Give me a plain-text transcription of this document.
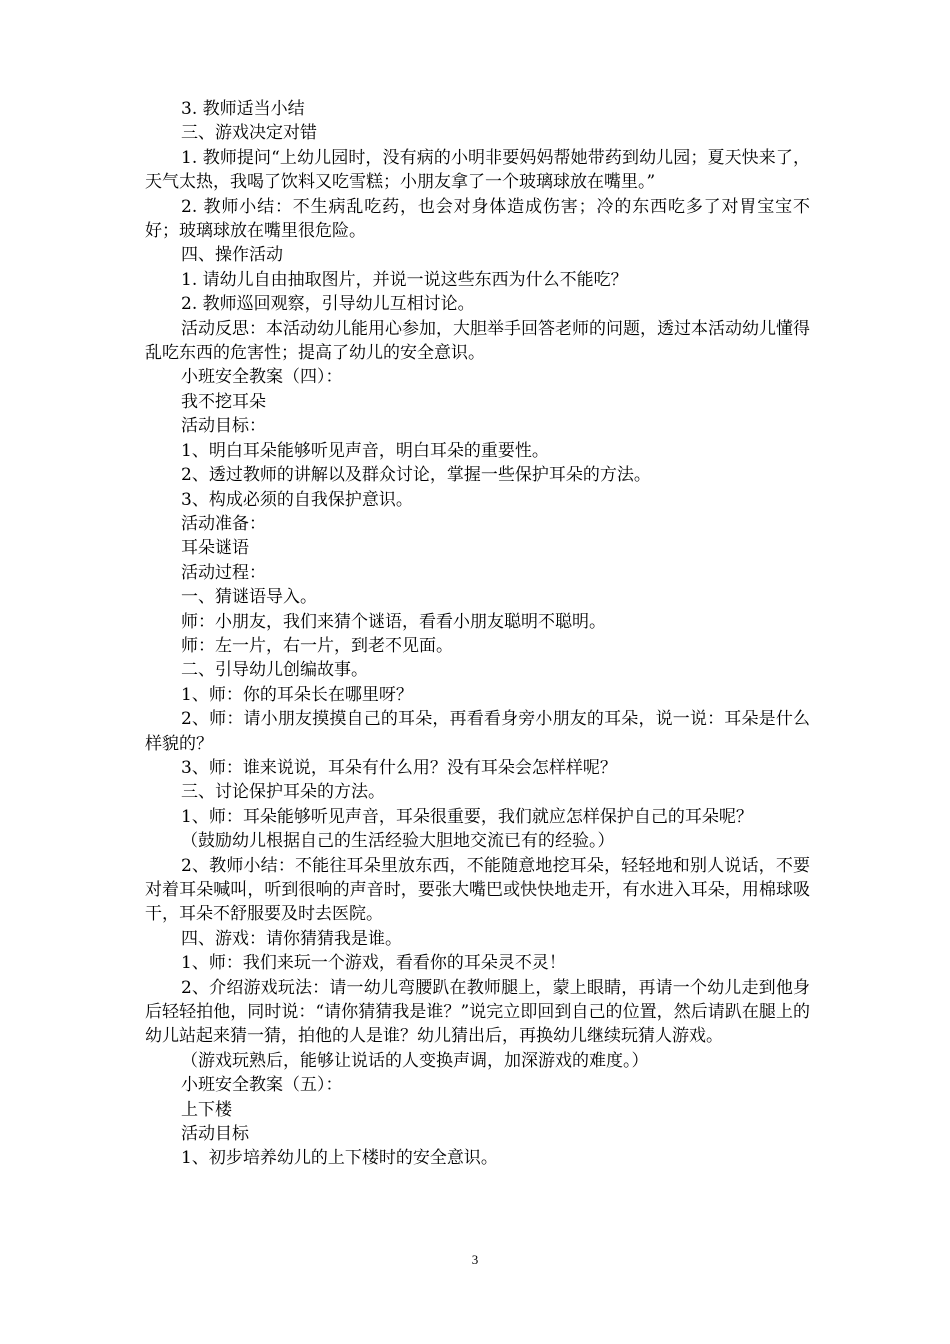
3. 教师适当小结

三、游戏决定对错

1. 教师提问“上幼儿园时，没有病的小明非要妈妈帮她带药到幼儿园；夏天快来了，天气太热，我喝了饮料又吃雪糕；小朋友拿了一个玻璃球放在嘴里。”

2. 教师小结：不生病乱吃药，也会对身体造成伤害；冷的东西吃多了对胃宝宝不好；玻璃球放在嘴里很危险。

四、操作活动

1. 请幼儿自由抽取图片，并说一说这些东西为什么不能吃？

2. 教师巡回观察，引导幼儿互相讨论。

活动反思：本活动幼儿能用心参加，大胆举手回答老师的问题，透过本活动幼儿懂得乱吃东西的危害性；提高了幼儿的安全意识。

小班安全教案（四）：

我不挖耳朵

活动目标：

1、明白耳朵能够听见声音，明白耳朵的重要性。

2、透过教师的讲解以及群众讨论，掌握一些保护耳朵的方法。

3、构成必须的自我保护意识。

活动准备：

耳朵谜语

活动过程：

一、猜谜语导入。

师：小朋友，我们来猜个谜语，看看小朋友聪明不聪明。

师：左一片，右一片，到老不见面。

二、引导幼儿创编故事。

1、师：你的耳朵长在哪里呀？

2、师：请小朋友摸摸自己的耳朵，再看看身旁小朋友的耳朵，说一说：耳朵是什么样貌的？

3、师：谁来说说，耳朵有什么用？没有耳朵会怎样样呢？

三、讨论保护耳朵的方法。

1、师：耳朵能够听见声音，耳朵很重要，我们就应怎样保护自己的耳朵呢？

（鼓励幼儿根据自己的生活经验大胆地交流已有的经验。）

2、教师小结：不能往耳朵里放东西，不能随意地挖耳朵，轻轻地和别人说话，不要对着耳朵喊叫，听到很响的声音时，要张大嘴巴或快快地走开，有水进入耳朵，用棉球吸干，耳朵不舒服要及时去医院。

四、游戏：请你猜猜我是谁。

1、师：我们来玩一个游戏，看看你的耳朵灵不灵！

2、介绍游戏玩法：请一幼儿弯腰趴在教师腿上，蒙上眼睛，再请一个幼儿走到他身后轻轻拍他，同时说：“请你猜猜我是谁？”说完立即回到自己的位置，然后请趴在腿上的幼儿站起来猜一猜，拍他的人是谁？幼儿猜出后，再换幼儿继续玩猜人游戏。

（游戏玩熟后，能够让说话的人变换声调，加深游戏的难度。）

小班安全教案（五）：

上下楼

活动目标

1、初步培养幼儿的上下楼时的安全意识。

3
